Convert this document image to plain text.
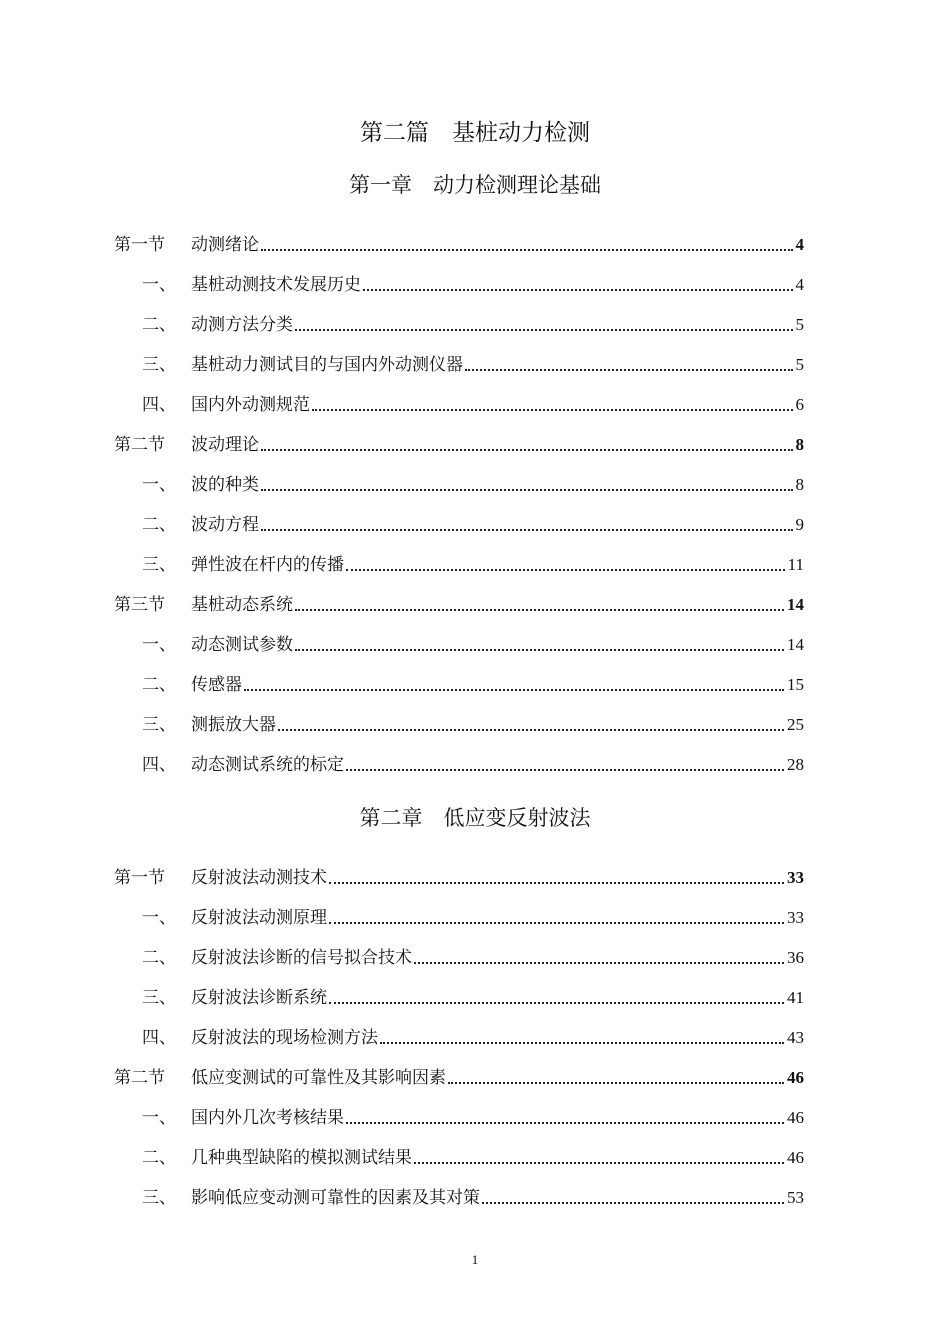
第二篇　基桩动力检测
第一章　动力检测理论基础
第一节	动测绪论	4
一、 基桩动测技术发展历史	4
二、 动测方法分类	5
三、 基桩动力测试目的与国内外动测仪器	5
四、 国内外动测规范	6
第二节	波动理论	8
一、 波的种类	8
二、 波动方程	9
三、 弹性波在杆内的传播	11
第三节	基桩动态系统	14
一、 动态测试参数	14
二、 传感器	15
三、 测振放大器	25
四、 动态测试系统的标定	28
第二章　低应变反射波法
第一节	反射波法动测技术	33
一、 反射波法动测原理	33
二、 反射波法诊断的信号拟合技术	36
三、 反射波法诊断系统	41
四、 反射波法的现场检测方法	43
第二节	低应变测试的可靠性及其影响因素	46
一、 国内外几次考核结果	46
二、 几种典型缺陷的模拟测试结果	46
三、 影响低应变动测可靠性的因素及其对策	53
1
